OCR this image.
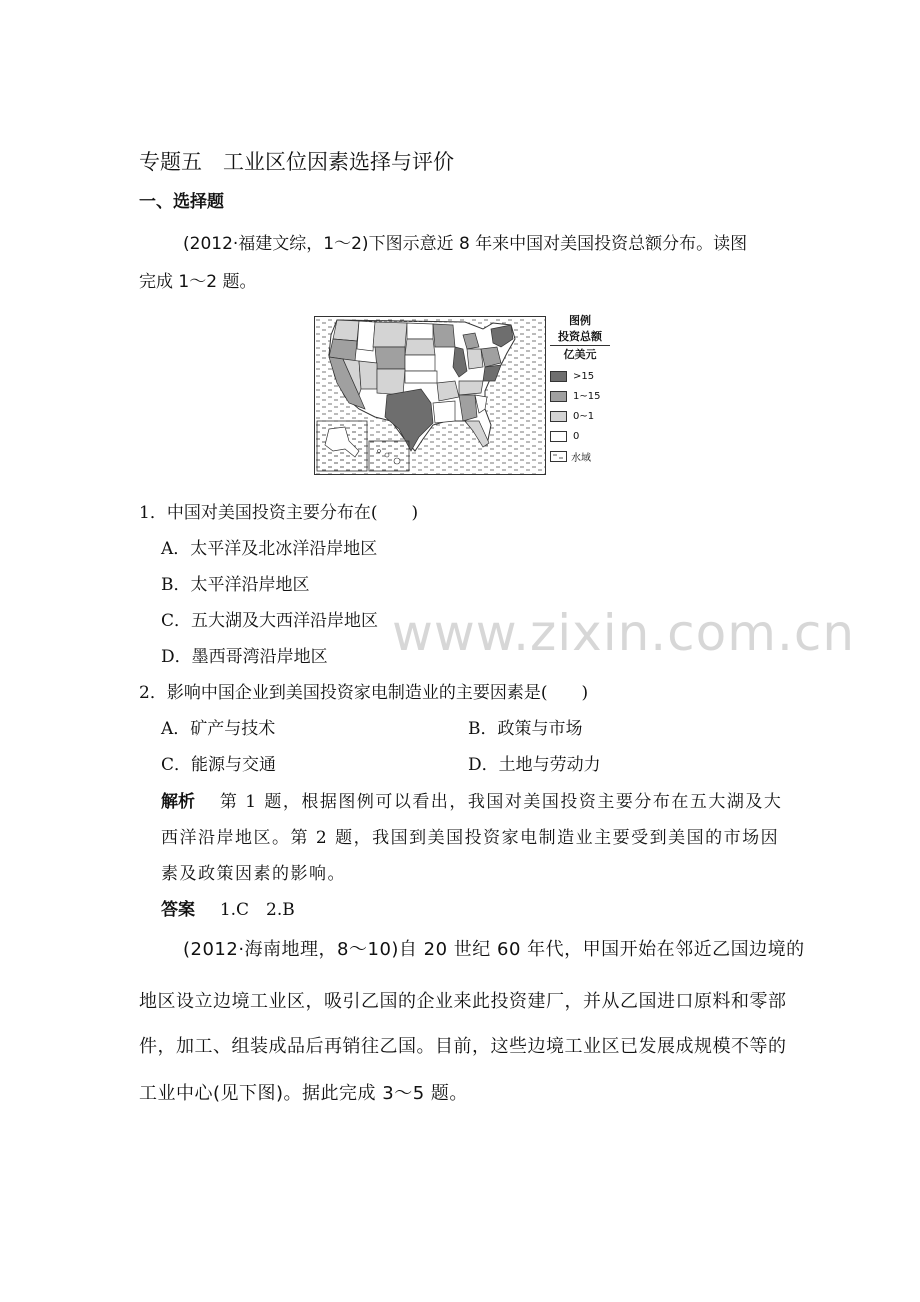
专题五　工业区位因素选择与评价
一、选择题
(2012·福建文综，1～2)下图示意近 8 年来中国对美国投资总额分布。读图
完成 1～2 题。
图例
投资总额
亿美元
>15
1~15
0~1
0
水域
1．中国对美国投资主要分布在(　　)
A．太平洋及北冰洋沿岸地区
B．太平洋沿岸地区
C．五大湖及大西洋沿岸地区
D．墨西哥湾沿岸地区
2．影响中国企业到美国投资家电制造业的主要因素是(　　)
A．矿产与技术	B．政策与市场
C．能源与交通	D．土地与劳动力
解析 第 1 题，根据图例可以看出，我国对美国投资主要分布在五大湖及大
西洋沿岸地区。第 2 题，我国到美国投资家电制造业主要受到美国的市场因
素及政策因素的影响。
答案 1.C　2.B
(2012·海南地理，8～10)自 20 世纪 60 年代，甲国开始在邻近乙国边境的
地区设立边境工业区，吸引乙国的企业来此投资建厂，并从乙国进口原料和零部
件，加工、组装成品后再销往乙国。目前，这些边境工业区已发展成规模不等的
工业中心(见下图)。据此完成 3～5 题。
www.zixin.com.cn
